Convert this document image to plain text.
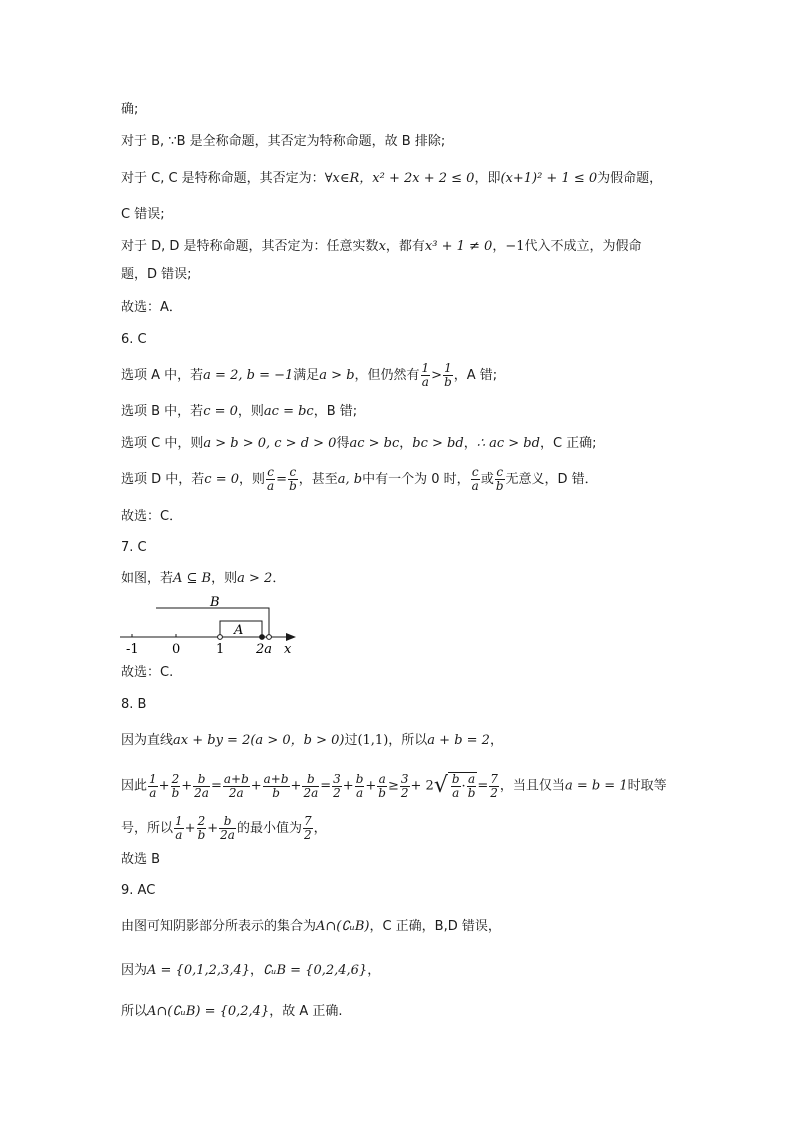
确;
对于 B, ∵B 是全称命题，其否定为特称命题，故 B 排除;
对于 C, C 是特称命题，其否定为：∀x∈R，x² + 2x + 2 ≤ 0，即(x+1)² + 1 ≤ 0为假命题，
C 错误;
对于 D, D 是特称命题，其否定为：任意实数x，都有x³ + 1 ≠ 0，−1代入不成立，为假命
题，D 错误;
故选：A．
6. C
选项 A 中，若a = 2, b = −1满足a > b，但仍然有 $\frac{1}{a} > \frac{1}{b}$ ，A 错;
选项 B 中，若c = 0，则ac = bc，B 错;
选项 C 中，则a > b > 0, c > d > 0得ac > bc，bc > bd，∴ ac > bd，C 正确;
选项 D 中，若c = 0，则 $\frac{c}{a} = \frac{c}{b}$ ，甚至a, b中有一个为 0 时， $\frac{c}{a}$ 或 $\frac{c}{b}$ 无意义，D 错．
故选：C．
7. C
如图，若A ⊆ B，则a > 2．
B
A
-1	0	1 2a x
故选：C.
8. B
因为直线ax + by = 2(a > 0，b > 0)过(1,1)，所以a + b = 2，
因此 $\frac{1}{a} + \frac{2}{b} + \frac{b}{2a} = \frac{a+b}{2a} + \frac{a+b}{b} + \frac{b}{2a} = \frac{3}{2} + \frac{b}{a} + \frac{a}{b} \ge \frac{3}{2} + 2√ \frac{b}{a} \cdot \frac{a}{b} = \frac{7}{2}$ ，当且仅当a = b = 1时取等
号，所以 $\frac{1}{a} + \frac{2}{b} + \frac{b}{2a}$ 的最小值为 $\frac{7}{2}$ ，
故选 B
9. AC
由图可知阴影部分所表示的集合为A∩(∁ᵤB)，C 正确，B,D 错误，
因为A = {0,1,2,3,4}，∁ᵤB = {0,2,4,6}，
所以A∩(∁ᵤB) = {0,2,4}，故 A 正确.
